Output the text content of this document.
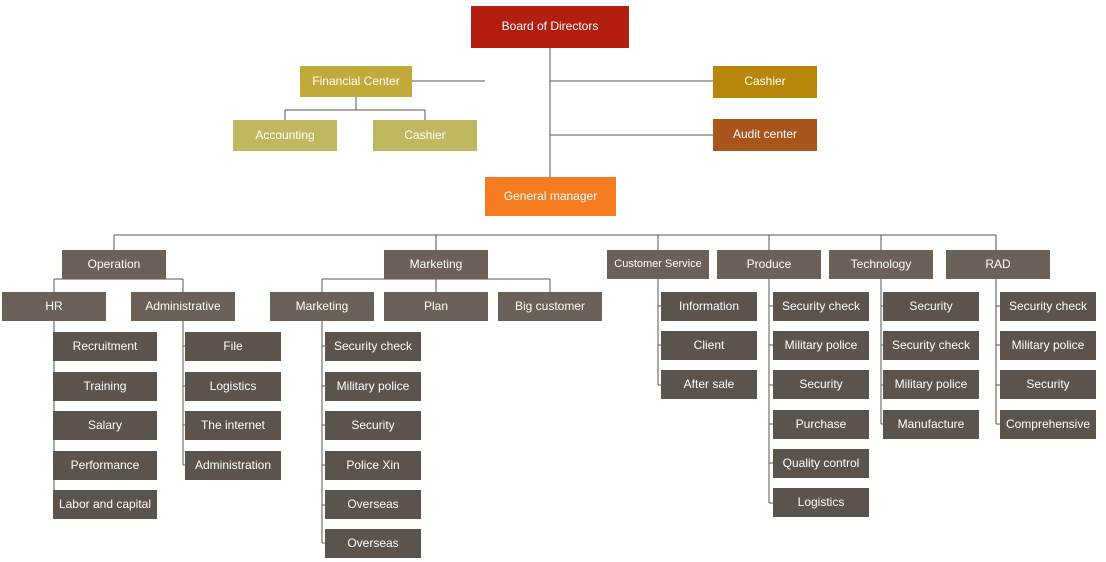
Board of Directors
Financial Center	Cashier
Accounting	Cashier	Audit center
General manager
Operation	Marketing	Customer Service	Produce	Technology	RAD
HR	Administrative	Marketing	Plan	Big customer
Recruitment
Training
Salary
Performance
Labor and capital
File
Logistics
The internet
Administration
Security check
Military police
Security
Police Xin
Overseas
Overseas
Information
Client
After sale
Security check
Military police
Security
Purchase
Quality control
Logistics
Security
Security check
Military police
Manufacture
Security check
Military police
Security
Comprehensive
